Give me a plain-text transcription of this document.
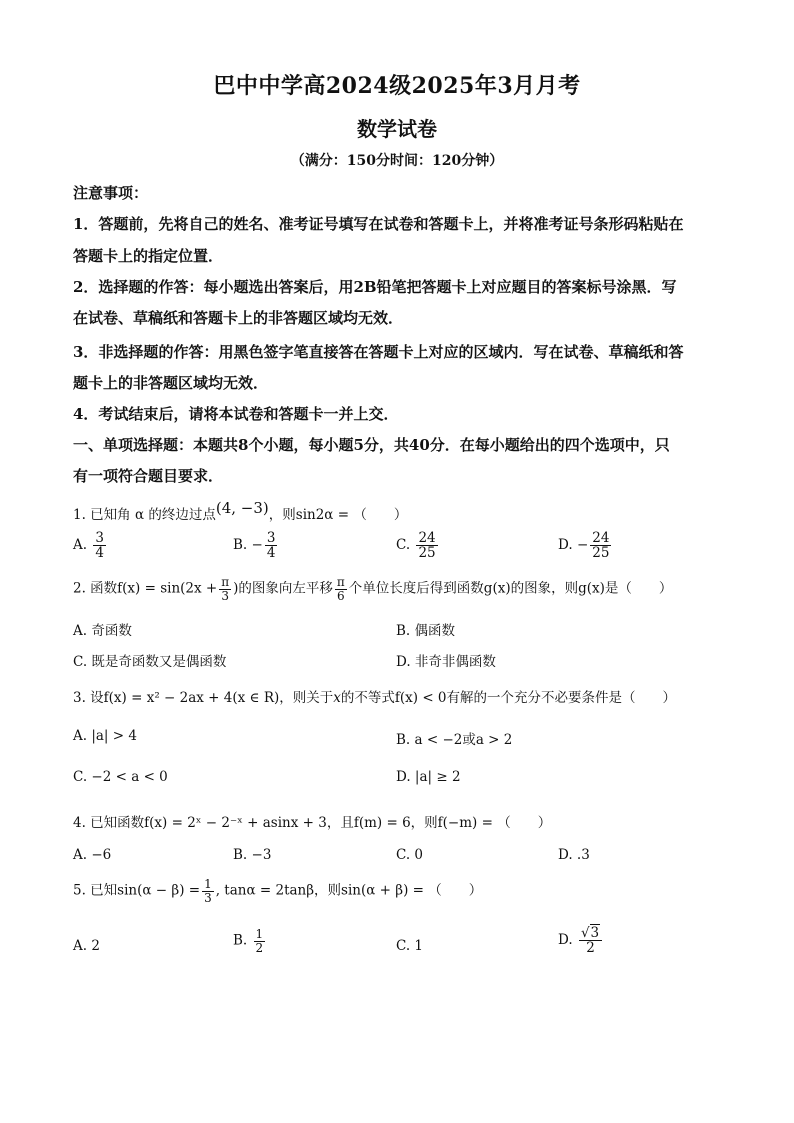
巴中中学高2024级2025年3月月考
数学试卷
（满分：150分时间：120分钟）
注意事项：
1．答题前，先将自己的姓名、准考证号填写在试卷和答题卡上，并将准考证号条形码粘贴在
答题卡上的指定位置．
2．选择题的作答：每小题选出答案后，用2B铅笔把答题卡上对应题目的答案标号涂黑．写
在试卷、草稿纸和答题卡上的非答题区域均无效．
3．非选择题的作答：用黑色签字笔直接答在答题卡上对应的区域内．写在试卷、草稿纸和答
题卡上的非答题区域均无效．
4．考试结束后，请将本试卷和答题卡一并上交．
一、单项选择题：本题共8个小题，每小题5分，共40分．在每小题给出的四个选项中，只
有一项符合题目要求．
1. 已知角 α 的终边过点(4, −3)，则sin2α = （　　）
A. $\frac{3}{4}$	B. − $\frac{3}{4}$	C. $\frac{24}{25}$	D. − $\frac{24}{25}$
2. 函数$f(x) = \sin(2x + \frac{\pi}{3}$ )的图象向左平移 $\frac{\pi}{6}$ 个单位长度后得到函数g(x)的图象，则g(x)是（　　）
A. 奇函数	B. 偶函数
C. 既是奇函数又是偶函数	D. 非奇非偶函数
3. 设f(x) = x² − 2ax + 4(x ∈ R)，则关于x的不等式f(x) < 0有解的一个充分不必要条件是（　　）
A. |a| > 4	B. a < −2或a > 2
C. −2 < a < 0	D. |a| ≥ 2
4. 已知函数f(x) = 2ˣ − 2⁻ˣ + asinx + 3，且f(m) = 6，则f(−m) = （　　）
A. −6	B. −3	C. 0	D. .3
5. 已知$\sin(\alpha - \beta) = \frac{1}{3}$ , tanα = 2tanβ，则sin(α + β) = （　　）
A. 2	B. $\frac{1}{2}$	C. 1	D. $\frac{√3}{2}$
